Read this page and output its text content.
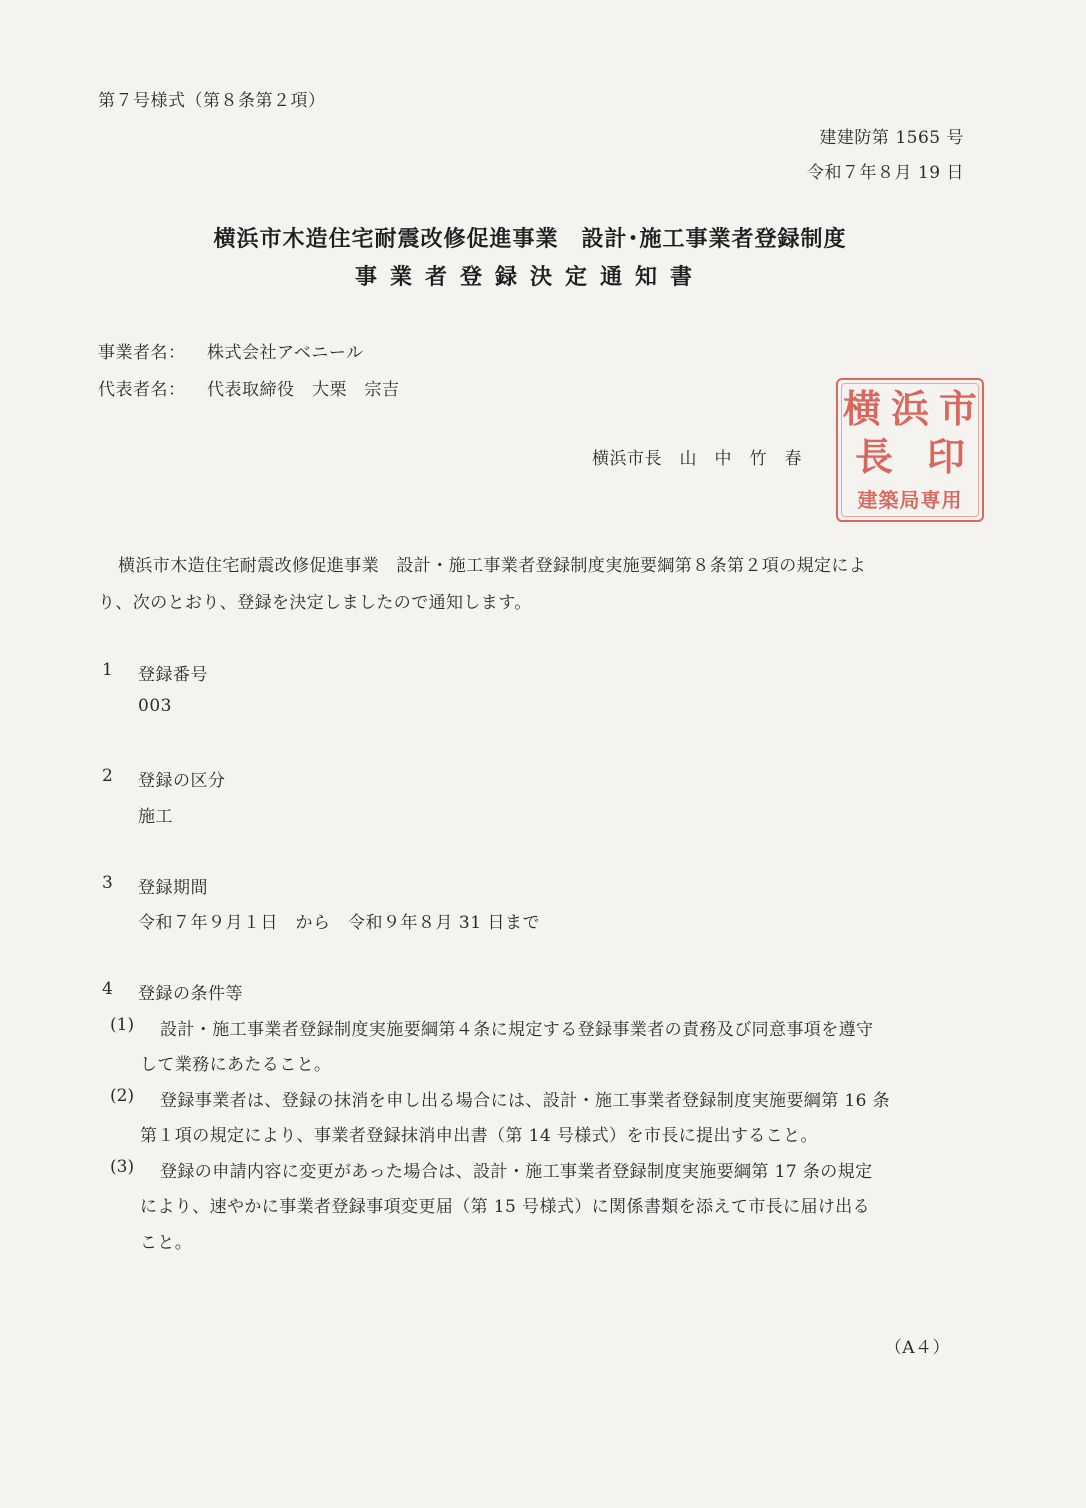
第７号様式（第８条第２項）
建建防第 1565 号
令和７年８月 19 日
横浜市木造住宅耐震改修促進事業　設計･施工事業者登録制度
事業者登録決定通知書
事業者名： 株式会社アベニール
代表者名： 代表取締役　大栗　宗吉
横浜市長　山　中　竹　春
横 浜 市
長 印
建築局専用
横浜市木造住宅耐震改修促進事業　設計・施工事業者登録制度実施要綱第８条第２項の規定によ
り、次のとおり、登録を決定しましたので通知します。
1 登録番号
003
2 登録の区分
施工
3 登録期間
令和７年９月１日　から　令和９年８月 31 日まで
4 登録の条件等
(1) 設計・施工事業者登録制度実施要綱第４条に規定する登録事業者の責務及び同意事項を遵守
して業務にあたること。
(2) 登録事業者は、登録の抹消を申し出る場合には、設計・施工事業者登録制度実施要綱第 16 条
第１項の規定により、事業者登録抹消申出書（第 14 号様式）を市長に提出すること。
(3) 登録の申請内容に変更があった場合は、設計・施工事業者登録制度実施要綱第 17 条の規定
により、速やかに事業者登録事項変更届（第 15 号様式）に関係書類を添えて市長に届け出る
こと。
（A４）
